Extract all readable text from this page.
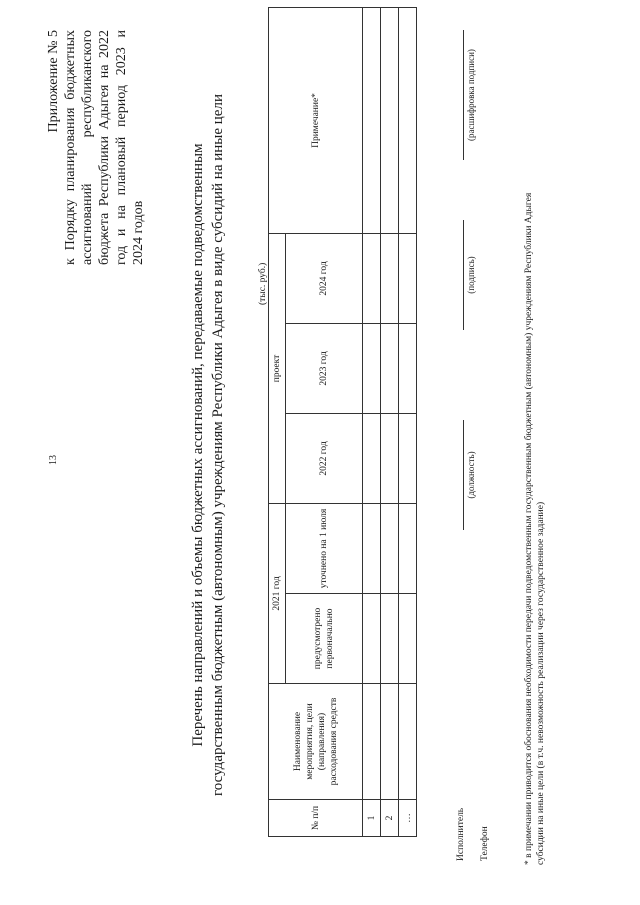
13
Приложение № 5 к Порядку планирования бюджетных ассигнований республиканского бюджета Республики Адыгея на 2022 год и на плановый период 2023 и 2024 годов	Перечень направлений и объемы бюджетных ассигнований, передаваемые подведомственным государственным бюджетным (автономным) учреждениям Республики Адыгея в виде субсидий на иные цели	(тыс. руб.)
№ п/п	Наименование мероприятия, цели (направления) расходования средств	2021 год		проект			Примечание*
		предусмотрено первоначально	уточнено на 1 июля	2022 год	2023 год	2024 год	
1							
2							
…								Исполнитель Телефон
(должность)
(подпись)
(расшифровка подписи)
* в примечании приводится обоснования необходимости передачи подведомственным государственным бюджетным (автономным) учреждениям Республики Адыгея субсидии на иные цели (в т.ч. невозможность реализации через государственное задание)
